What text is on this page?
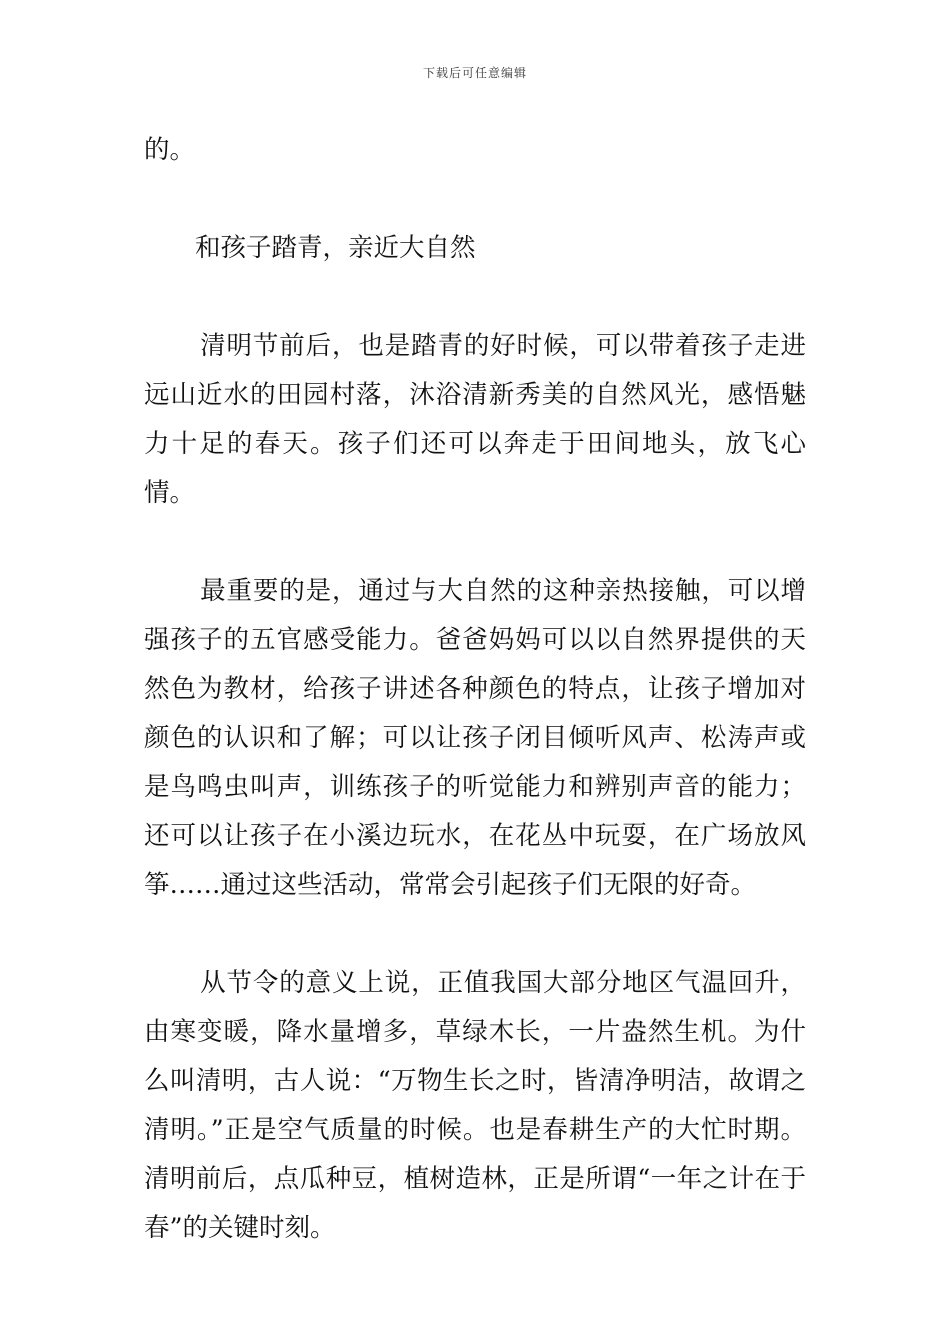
下载后可任意编辑

的。

和孩子踏青，亲近大自然

清明节前后，也是踏青的好时候，可以带着孩子走进远山近水的田园村落，沐浴清新秀美的自然风光，感悟魅力十足的春天。孩子们还可以奔走于田间地头，放飞心情。

最重要的是，通过与大自然的这种亲热接触，可以增强孩子的五官感受能力。爸爸妈妈可以以自然界提供的天然色为教材，给孩子讲述各种颜色的特点，让孩子增加对颜色的认识和了解；可以让孩子闭目倾听风声、松涛声或是鸟鸣虫叫声，训练孩子的听觉能力和辨别声音的能力；还可以让孩子在小溪边玩水，在花丛中玩耍，在广场放风筝……通过这些活动，常常会引起孩子们无限的好奇。

从节令的意义上说，正值我国大部分地区气温回升，由寒变暖，降水量增多，草绿木长，一片盎然生机。为什么叫清明，古人说：“万物生长之时，皆清净明洁，故谓之清明。”正是空气质量的时候。也是春耕生产的大忙时期。清明前后，点瓜种豆，植树造林，正是所谓“一年之计在于春”的关键时刻。
